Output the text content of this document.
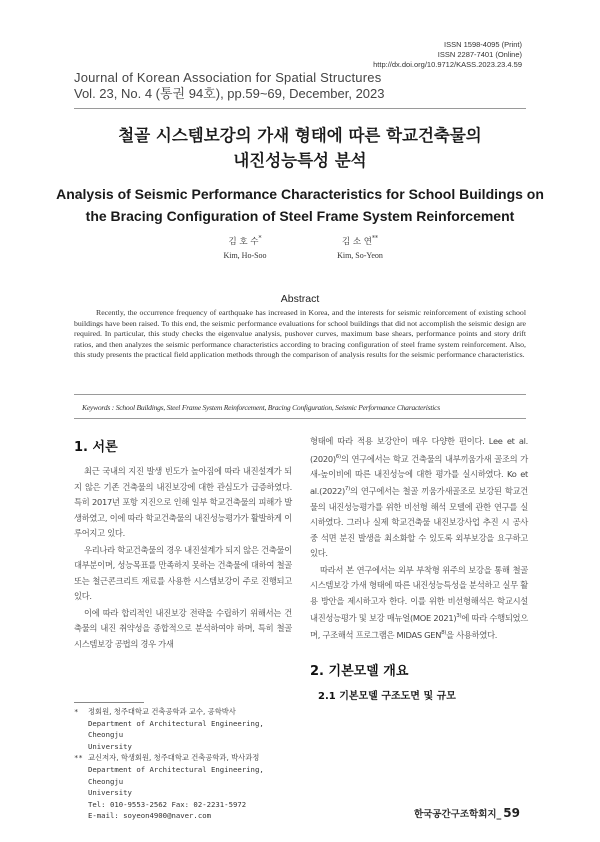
ISSN 1598-4095 (Print)
ISSN 2287-7401 (Online)
http://dx.doi.org/10.9712/KASS.2023.23.4.59
Journal of Korean Association for Spatial Structures
Vol. 23, No. 4 (통권 94호), pp.59~69, December, 2023
철골 시스템보강의 가새 형태에 따른 학교건축물의
내진성능특성 분석
Analysis of Seismic Performance Characteristics for School Buildings on
the Bracing Configuration of Steel Frame System Reinforcement
김 호 수*
Kim, Ho-Soo
김 소 연**
Kim, So-Yeon
Abstract
Recently, the occurrence frequency of earthquake has increased in Korea, and the interests for seismic reinforcement of existing school buildings have been raised. To this end, the seismic performance evaluations for school buildings that did not accomplish the seismic design are required. In particular, this study checks the eigenvalue analysis, pushover curves, maximum base shears, performance points and story drift ratios, and then analyzes the seismic performance characteristics according to bracing configuration of steel frame system reinforcement. Also, this study presents the practical field application methods through the comparison of analysis results for the seismic performance characteristics.
Keywords : School Buildings, Steel Frame System Reinforcement, Bracing Configuration, Seismic Performance Characteristics
1. 서론

최근 국내의 지진 발생 빈도가 높아짐에 따라 내진설계가 되지 않은 기존 건축물의 내진보강에 대한 관심도가 급증하였다. 특히 2017년 포항 지진으로 인해 일부 학교건축물의 피해가 발생하였고, 이에 따라 학교건축물의 내진성능평가가 활발하게 이루어지고 있다.

우리나라 학교건축물의 경우 내진설계가 되지 않은 건축물이 대부분이며, 성능목표를 만족하지 못하는 건축물에 대하여 철골 또는 철근콘크리트 재료를 사용한 시스템보강이 주로 진행되고 있다.

이에 따라 합리적인 내진보강 전략을 수립하기 위해서는 건축물의 내진 취약성을 종합적으로 분석하여야 하며, 특히 철골 시스템보강 공법의 경우 가새

*	정회원, 청주대학교 건축공학과 교수, 공학박사
Department of Architectural Engineering, Cheongju
University
** 교신저자, 학생회원, 청주대학교 건축공학과, 박사과정
Department of Architectural Engineering, Cheongju
University
Tel: 010-9553-2562 Fax: 02-2231-5972
E-mail: soyeon4900@naver.com

형태에 따라 적용 보강안이 매우 다양한 편이다. Lee et $al.(2020)^{6)}$의 연구에서는 학교 건축물의 내부끼움가새 골조의 가새-높이비에 따른 내진성능에 대한 평가를 실시하였다. Ko et $al.(2022)^{7)}$의 연구에서는 철골 끼움가새골조로 보강된 학교건물의 내진성능평가를 위한 비선형 해석 모델에 관한 연구를 실시하였다. 그러나 실제 학교건축물 내진보강사업 추진 시 공사 중 석면 분진 발생을 최소화할 수 있도록 외부보강을 요구하고 있다.

따라서 본 연구에서는 외부 부착형 위주의 보강을 통해 철골 시스템보강 가새 형태에 따른 내진성능특성을 분석하고 실무 활용 방안을 제시하고자 한다. 이를 위한 비선형해석은 학교시설 내진성능평가 및 보강 매뉴얼(MOE 2021)$^{3)}$에 따라 수행되었으며, 구조해석 프로그램은 MIDAS GEN$^{8)}$을 사용하였다.

2. 기본모델 개요
2.1 기본모델 구조도면 및 규모
한국공간구조학회지_ 59
